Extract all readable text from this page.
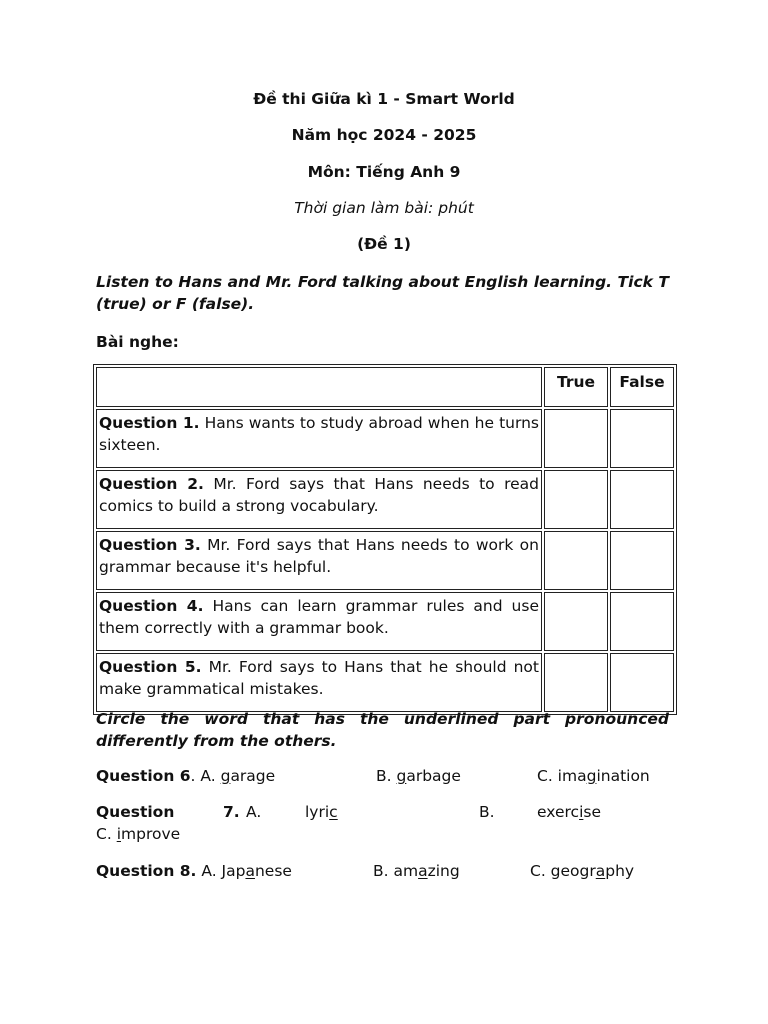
Đề thi Giữa kì 1 - Smart World
Năm học 2024 - 2025
Môn: Tiếng Anh 9
Thời gian làm bài: phút
(Đề 1)
Listen to Hans and Mr. Ford talking about English learning. Tick T (true) or F (false).
Bài nghe:
	True	False
Question 1. Hans wants to study abroad when he turns sixteen.		
Question 2. Mr. Ford says that Hans needs to read comics to build a strong vocabulary.		
Question 3. Mr. Ford says that Hans needs to work on grammar because it's helpful.		
Question 4. Hans can learn grammar rules and use them correctly with a grammar book.		
Question 5. Mr. Ford says to Hans that he should not make grammatical mistakes.		
Circle the word that has the underlined part pronounced differently from the others.
Question 6. A. garage	B. garbage	C. imagination
Question	7. A.	lyric	B.	exercise
C. improve
Question 8. A. Japanese	B. amazing	C. geography
